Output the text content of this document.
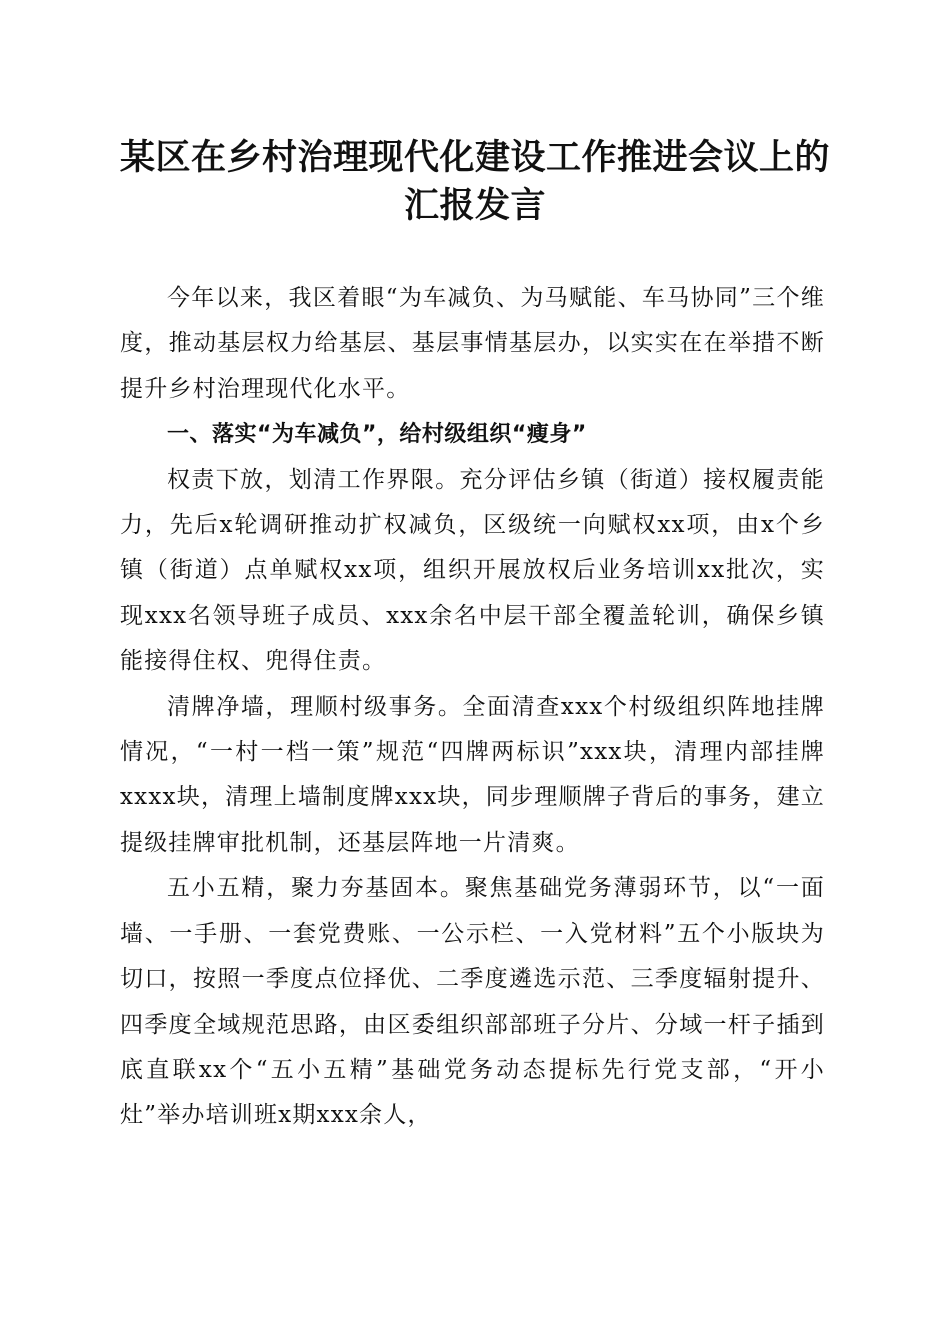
某区在乡村治理现代化建设工作推进会议上的
汇报发言

今年以来，我区着眼“为车减负、为马赋能、车马协同”三个维度，推动基层权力给基层、基层事情基层办，以实实在在举措不断提升乡村治理现代化水平。

一、落实“为车减负”，给村级组织“瘦身”

权责下放，划清工作界限。充分评估乡镇（街道）接权履责能力，先后x轮调研推动扩权减负，区级统一向赋权xx项，由x个乡镇（街道）点单赋权xx项，组织开展放权后业务培训xx批次，实现xxx名领导班子成员、xxx余名中层干部全覆盖轮训，确保乡镇能接得住权、兜得住责。

清牌净墙，理顺村级事务。全面清查xxx个村级组织阵地挂牌情况，“一村一档一策”规范“四牌两标识”xxx块，清理内部挂牌xxxx块，清理上墙制度牌xxx块，同步理顺牌子背后的事务，建立提级挂牌审批机制，还基层阵地一片清爽。

五小五精，聚力夯基固本。聚焦基础党务薄弱环节，以“一面墙、一手册、一套党费账、一公示栏、一入党材料”五个小版块为切口，按照一季度点位择优、二季度遴选示范、三季度辐射提升、四季度全域规范思路，由区委组织部部班子分片、分域一杆子插到底直联xx个“五小五精”基础党务动态提标先行党支部，“开小灶”举办培训班x期xxx余人，
